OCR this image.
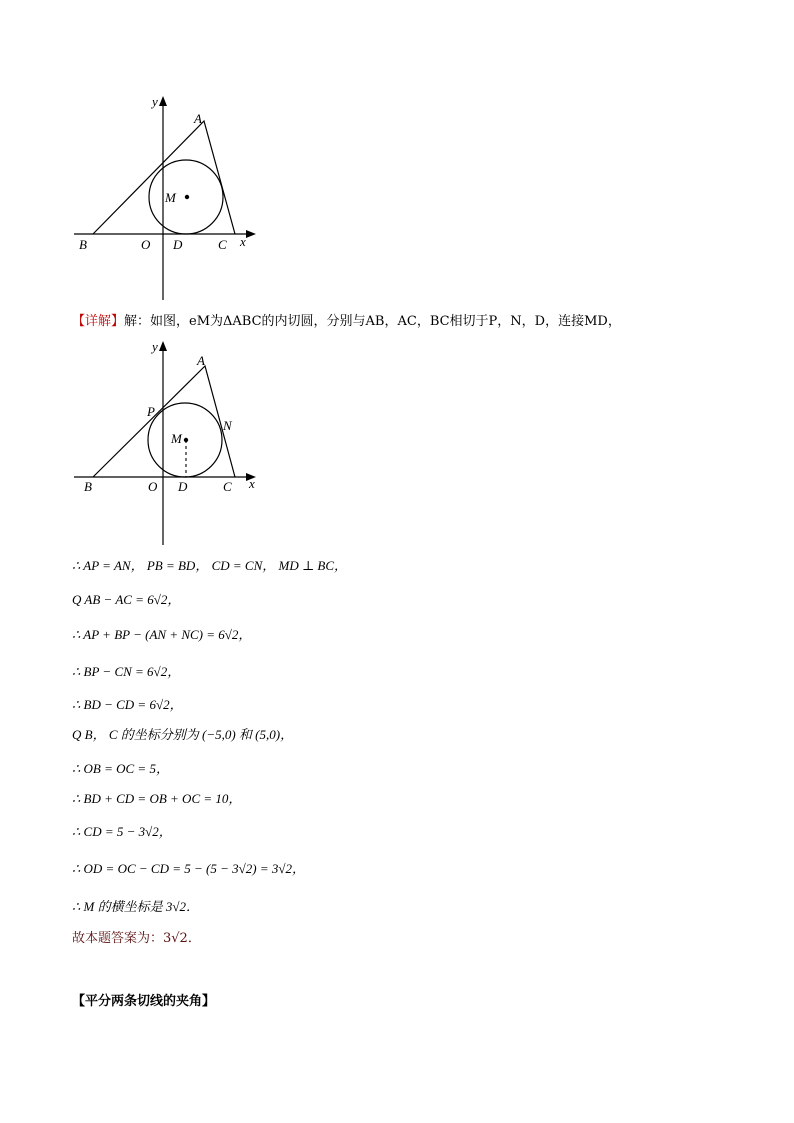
y
A
M
B	O D	C x
【详解】解：如图，eM为ΔABC的内切圆，分别与AB，AC，BC相切于P，N，D，连接MD，
y
A
P
N
M
B	O D	C x
∴ AP = AN， PB = BD， CD = CN， MD ⊥ BC，
Q AB − AC = 6√2，
∴ AP + BP − (AN + NC) = 6√2，
∴ BP − CN = 6√2，
∴ BD − CD = 6√2，
Q B， C 的坐标分别为 (−5,0) 和 (5,0)，
∴ OB = OC = 5，
∴ BD + CD = OB + OC = 10，
∴ CD = 5 − 3√2，
∴ OD = OC − CD = 5 − (5 − 3√2) = 3√2，
∴ M 的横坐标是 3√2．
故本题答案为：3√2．
【平分两条切线的夹角】
